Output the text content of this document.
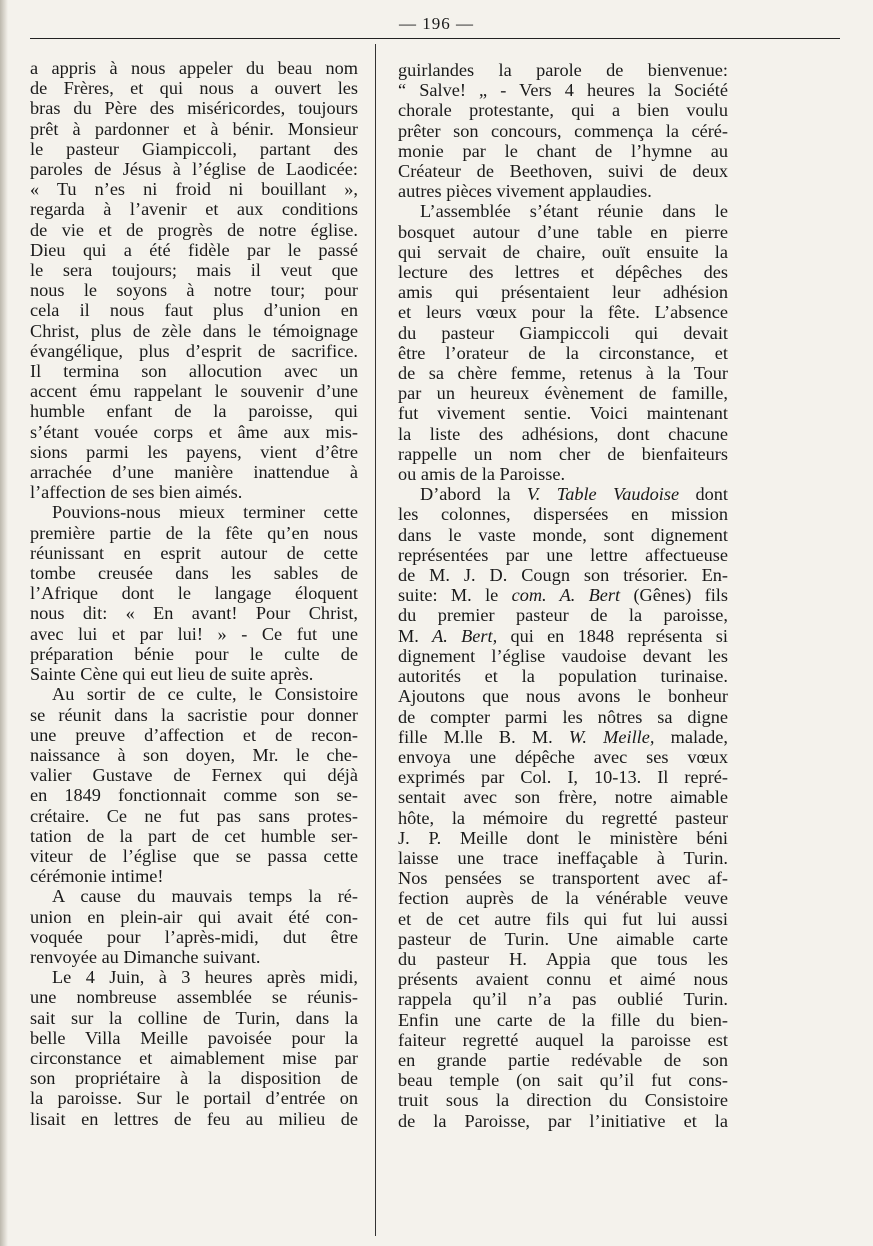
— 196 —
a appris à nous appeler du beau nom
de Frères, et qui nous a ouvert les
bras du Père des miséricordes, toujours
prêt à pardonner et à bénir. Monsieur
le pasteur Giampiccoli, partant des
paroles de Jésus à l’église de Laodicée:
« Tu n’es ni froid ni bouillant »,
regarda à l’avenir et aux conditions
de vie et de progrès de notre église.
Dieu qui a été fidèle par le passé
le sera toujours; mais il veut que
nous le soyons à notre tour; pour
cela il nous faut plus d’union en
Christ, plus de zèle dans le témoignage
évangélique, plus d’esprit de sacrifice.
Il termina son allocution avec un
accent ému rappelant le souvenir d’une
humble enfant de la paroisse, qui
s’étant vouée corps et âme aux mis-
sions parmi les payens, vient d’être
arrachée d’une manière inattendue à
l’affection de ses bien aimés.
Pouvions-nous mieux terminer cette
première partie de la fête qu’en nous
réunissant en esprit autour de cette
tombe creusée dans les sables de
l’Afrique dont le langage éloquent
nous dit: « En avant! Pour Christ,
avec lui et par lui! » - Ce fut une
préparation bénie pour le culte de
Sainte Cène qui eut lieu de suite après.
Au sortir de ce culte, le Consistoire
se réunit dans la sacristie pour donner
une preuve d’affection et de recon-
naissance à son doyen, Mr. le che-
valier Gustave de Fernex qui déjà
en 1849 fonctionnait comme son se-
crétaire. Ce ne fut pas sans protes-
tation de la part de cet humble ser-
viteur de l’église que se passa cette
cérémonie intime!
A cause du mauvais temps la ré-
union en plein-air qui avait été con-
voquée pour l’après-midi, dut être
renvoyée au Dimanche suivant.
Le 4 Juin, à 3 heures après midi,
une nombreuse assemblée se réunis-
sait sur la colline de Turin, dans la
belle Villa Meille pavoisée pour la
circonstance et aimablement mise par
son propriétaire à la disposition de
la paroisse. Sur le portail d’entrée on
lisait en lettres de feu au milieu de
guirlandes la parole de bienvenue:
“ Salve! „ - Vers 4 heures la Société
chorale protestante, qui a bien voulu
prêter son concours, commença la céré-
monie par le chant de l’hymne au
Créateur de Beethoven, suivi de deux
autres pièces vivement applaudies.
L’assemblée s’étant réunie dans le
bosquet autour d’une table en pierre
qui servait de chaire, ouït ensuite la
lecture des lettres et dépêches des
amis qui présentaient leur adhésion
et leurs vœux pour la fête. L’absence
du pasteur Giampiccoli qui devait
être l’orateur de la circonstance, et
de sa chère femme, retenus à la Tour
par un heureux évènement de famille,
fut vivement sentie. Voici maintenant
la liste des adhésions, dont chacune
rappelle un nom cher de bienfaiteurs
ou amis de la Paroisse.
D’abord la V. Table Vaudoise dont
les colonnes, dispersées en mission
dans le vaste monde, sont dignement
représentées par une lettre affectueuse
de M. J. D. Cougn son trésorier. En-
suite: M. le com. A. Bert (Gênes) fils
du premier pasteur de la paroisse,
M. A. Bert, qui en 1848 représenta si
dignement l’église vaudoise devant les
autorités et la population turinaise.
Ajoutons que nous avons le bonheur
de compter parmi les nôtres sa digne
fille M.lle B. M. W. Meille, malade,
envoya une dépêche avec ses vœux
exprimés par Col. I, 10-13. Il repré-
sentait avec son frère, notre aimable
hôte, la mémoire du regretté pasteur
J. P. Meille dont le ministère béni
laisse une trace ineffaçable à Turin.
Nos pensées se transportent avec af-
fection auprès de la vénérable veuve
et de cet autre fils qui fut lui aussi
pasteur de Turin. Une aimable carte
du pasteur H. Appia que tous les
présents avaient connu et aimé nous
rappela qu’il n’a pas oublié Turin.
Enfin une carte de la fille du bien-
faiteur regretté auquel la paroisse est
en grande partie redévable de son
beau temple (on sait qu’il fut cons-
truit sous la direction du Consistoire
de la Paroisse, par l’initiative et la
